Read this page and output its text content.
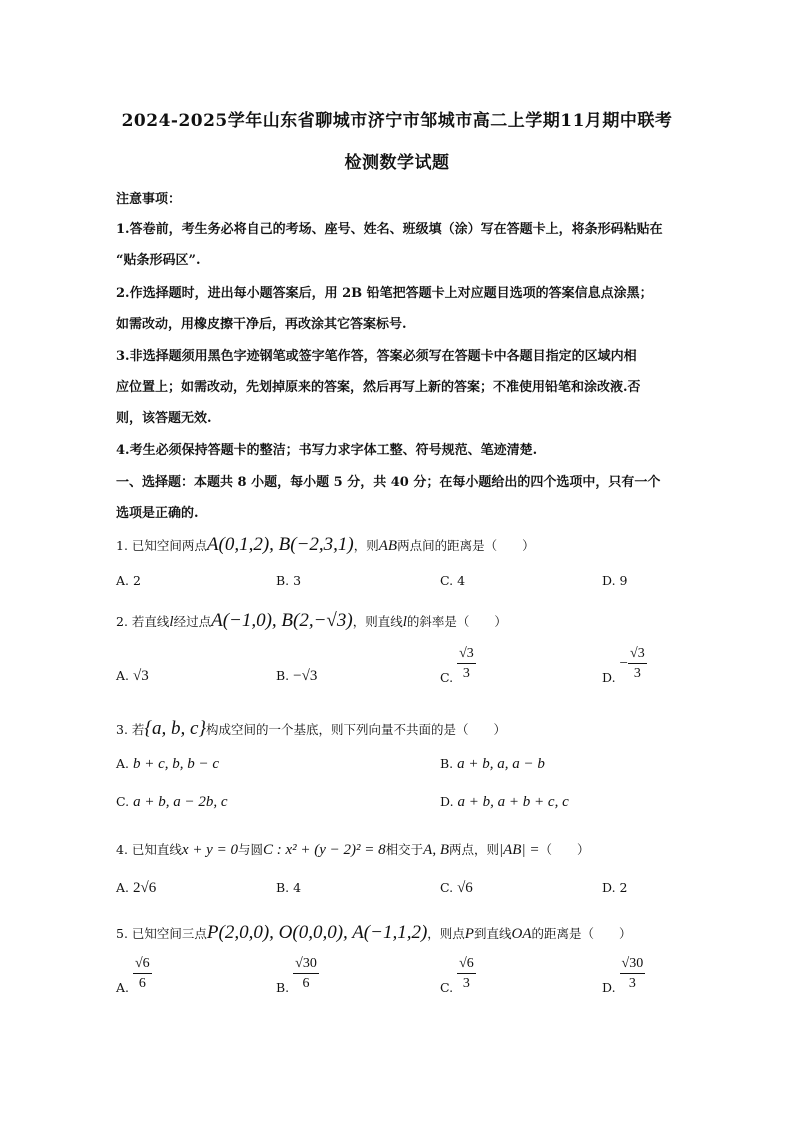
2024-2025学年山东省聊城市济宁市邹城市高二上学期11月期中联考
检测数学试题
注意事项：
1.答卷前，考生务必将自己的考场、座号、姓名、班级填（涂）写在答题卡上，将条形码粘贴在
“贴条形码区”.
2.作选择题时，进出每小题答案后，用 2B 铅笔把答题卡上对应题目选项的答案信息点涂黑；
如需改动，用橡皮擦干净后，再改涂其它答案标号.
3.非选择题须用黑色字迹钢笔或签字笔作答，答案必须写在答题卡中各题目指定的区域内相
应位置上；如需改动，先划掉原来的答案，然后再写上新的答案；不准使用铅笔和涂改液.否
则，该答题无效.
4.考生必须保持答题卡的整洁；书写力求字体工整、符号规范、笔迹清楚.
一、选择题：本题共 8 小题，每小题 5 分，共 40 分；在每小题给出的四个选项中，只有一个
选项是正确的.
1. 已知空间两点A(0,1,2), B(−2,3,1)，则AB两点间的距离是（　　）
A. 2	B. 3	C. 4	D. 9
2. 若直线l经过点A(−1,0), B(2,−√3)，则直线l的斜率是（　　）
A. √3	B. −√3	C. $\frac{√3}{3}$	D. − $\frac{√3}{3}$
3. 若{a, b, c}构成空间的一个基底，则下列向量不共面的是（　　）
A. b + c, b, b − c	B. a + b, a, a − b
C. a + b, a − 2b, c	D. a + b, a + b + c, c
4. 已知直线x + y = 0与圆C : x² + (y − 2)² = 8相交于A, B两点，则|AB| =（　　）
A. 2√6	B. 4	C. √6	D. 2
5. 已知空间三点P(2,0,0), O(0,0,0), A(−1,1,2)，则点P到直线OA的距离是（　　）
A. $\frac{√6}{6}$	B. $\frac{√30}{6}$	C. $\frac{√6}{3}$	D. $\frac{√30}{3}$
